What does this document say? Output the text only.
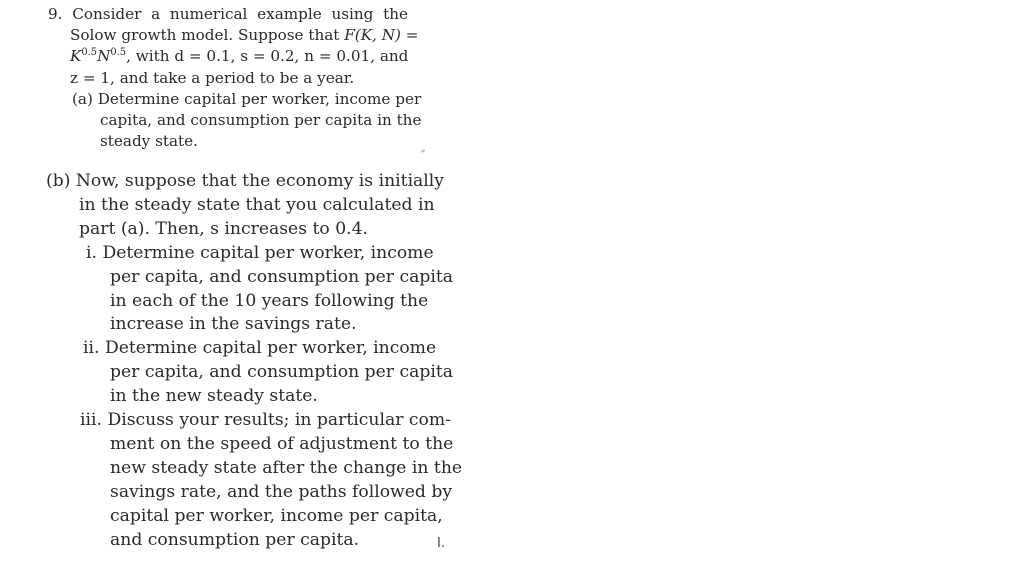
9. Consider a numerical example using the
Solow growth model. Suppose that F(K, N) =
$K^{0.5}N^{0.5}$, with d = 0.1, s = 0.2, n = 0.01, and
z = 1, and take a period to be a year.
(a) Determine capital per worker, income per
capita, and consumption per capita in the
steady state.
(b) Now, suppose that the economy is initially
in the steady state that you calculated in
part (a). Then, s increases to 0.4.
i. Determine capital per worker, income
per capita, and consumption per capita
in each of the 10 years following the
increase in the savings rate.
ii. Determine capital per worker, income
per capita, and consumption per capita
in the new steady state.
iii. Discuss your results; in particular com-
ment on the speed of adjustment to the
new steady state after the change in the
savings rate, and the paths followed by
capital per worker, income per capita,
and consumption per capita.	I.
